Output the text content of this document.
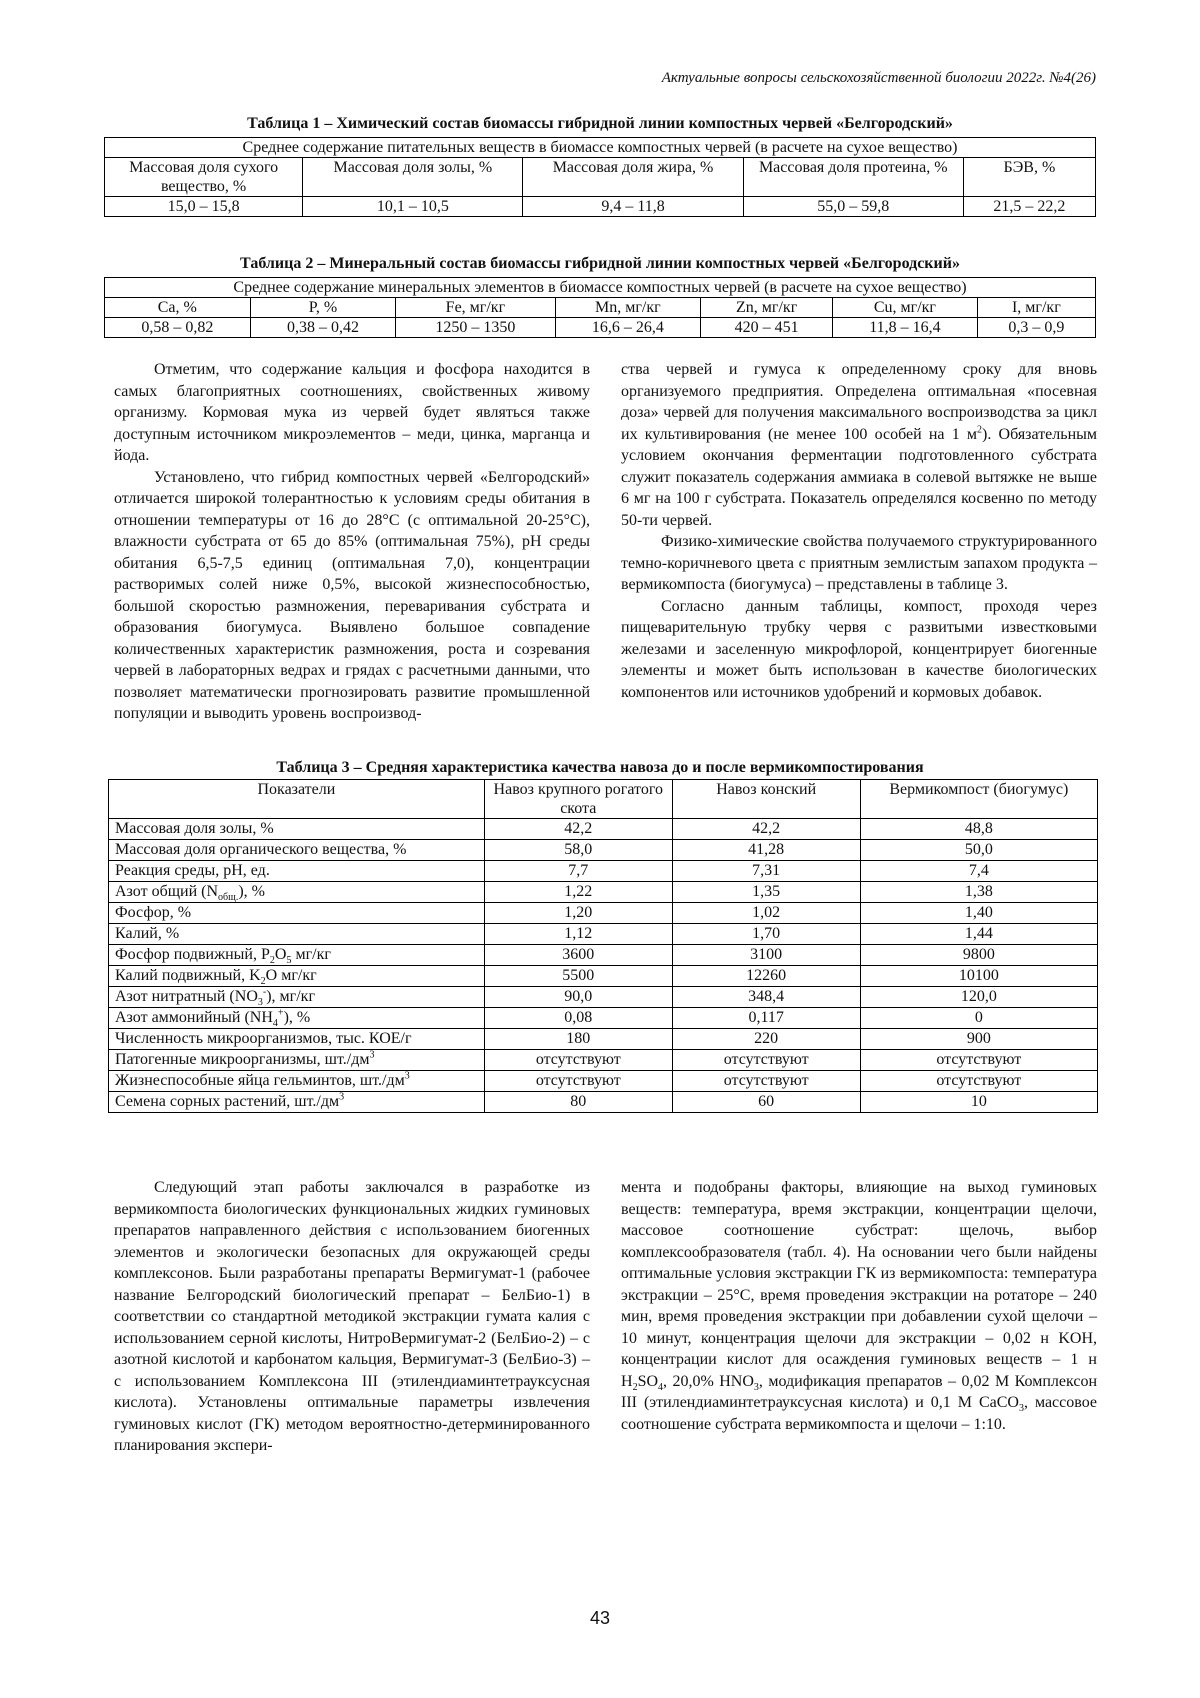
Актуальные вопросы сельскохозяйственной биологии 2022г. №4(26)
Таблица 1 – Химический состав биомассы гибридной линии компостных червей «Белгородский»
Среднее содержание питательных веществ в биомассе компостных червей (в расчете на сухое вещество)				
Массовая доля сухого вещество, %	Массовая доля золы, %	Массовая доля жира, %	Массовая доля протеина, %	БЭВ, %
15,0 – 15,8	10,1 – 10,5	9,4 – 11,8	55,0 – 59,8	21,5 – 22,2
Таблица 2 – Минеральный состав биомассы гибридной линии компостных червей «Белгородский»
Среднее содержание минеральных элементов в биомассе компостных червей (в расчете на сухое вещество)						
Ca, %	P, %	Fe, мг/кг	Mn, мг/кг	Zn, мг/кг	Cu, мг/кг	I, мг/кг
0,58 – 0,82	0,38 – 0,42	1250 – 1350	16,6 – 26,4	420 – 451	11,8 – 16,4	0,3 – 0,9

Отметим, что содержание кальция и фосфора находится в самых благоприятных соотношениях, свойственных живому организму. Кормовая мука из червей будет являться также доступным источником микроэлементов – меди, цинка, марганца и йода.

Установлено, что гибрид компостных червей «Белгородский» отличается широкой толерантностью к условиям среды обитания в отношении температуры от 16 до 28°С (с оптимальной 20-25°С), влажности субстрата от 65 до 85% (оптимальная 75%), рН среды обитания 6,5-7,5 единиц (оптимальная 7,0), концентрации растворимых солей ниже 0,5%, высокой жизнеспособностью, большой скоростью размножения, переваривания субстрата и образования биогумуса. Выявлено большое совпадение количественных характеристик размножения, роста и созревания червей в лабораторных ведрах и грядах с расчетными данными, что позволяет математически прогнозировать развитие промышленной популяции и выводить уровень воспроизвод-

ства червей и гумуса к определенному сроку для вновь организуемого предприятия. Определена оптимальная «посевная доза» червей для получения максимального воспроизводства за цикл их культивирования (не менее 100 особей на 1 $м^2$). Обязательным условием окончания ферментации подготовленного субстрата служит показатель содержания аммиака в солевой вытяжке не выше 6 мг на 100 г субстрата. Показатель определялся косвенно по методу 50-ти червей.

Физико-химические свойства получаемого структурированного темно-коричневого цвета с приятным землистым запахом продукта – вермикомпоста (биогумуса) – представлены в таблице 3.

Согласно данным таблицы, компост, проходя через пищеварительную трубку червя с развитыми известковыми железами и заселенную микрофлорой, концентрирует биогенные элементы и может быть использован в качестве биологических компонентов или источников удобрений и кормовых добавок.

Таблица 3 – Средняя характеристика качества навоза до и после вермикомпостирования
Показатели	Навоз крупного рогатого скота	Навоз конский	Вермикомпост (биогумус)
Массовая доля золы, %	42,2	42,2	48,8
Массовая доля органического вещества, %	58,0	41,28	50,0
Реакция среды, рН, ед.	7,7	7,31	7,4
Азот общий $(N_{общ.})$, %	1,22	1,35	1,38
Фосфор, %	1,20	1,02	1,40
Калий, %	1,12	1,70	1,44
Фосфор подвижный, $P_2O_5$ мг/кг	3600	3100	9800
Калий подвижный, $K_2O$ мг/кг	5500	12260	10100
Азот нитратный $(NO_3^-)$, мг/кг	90,0	348,4	120,0
Азот аммонийный $(NH_4^+)$, %	0,08	0,117	0
Численность микроорганизмов, тыс. КОЕ/г	180	220	900
Патогенные микроорганизмы, $шт./дм^3$	отсутствуют	отсутствуют	отсутствуют
Жизнеспособные яйца гельминтов, $шт./дм^3$	отсутствуют	отсутствуют	отсутствуют
Семена сорных растений, $шт./дм^3$	80	60	10

Следующий этап работы заключался в разработке из вермикомпоста биологических функциональных жидких гуминовых препаратов направленного действия с использованием биогенных элементов и экологически безопасных для окружающей среды комплексонов. Были разработаны препараты Вермигумат-1 (рабочее название Белгородский биологический препарат – БелБио-1) в соответствии со стандартной методикой экстракции гумата калия с использованием серной кислоты, НитроВермигумат-2 (БелБио-2) – с азотной кислотой и карбонатом кальция, Вермигумат-3 (БелБио-3) – с использованием Комплексона III (этилендиаминтетрауксусная кислота). Установлены оптимальные параметры извлечения гуминовых кислот (ГК) методом вероятностно-детерминированного планирования экспери-

мента и подобраны факторы, влияющие на выход гуминовых веществ: температура, время экстракции, концентрации щелочи, массовое соотношение субстрат: щелочь, выбор комплексообразователя (табл. 4). На основании чего были найдены оптимальные условия экстракции ГК из вермикомпоста: температура экстракции – 25°С, время проведения экстракции на ротаторе – 240 мин, время проведения экстракции при добавлении сухой щелочи – 10 минут, концентрация щелочи для экстракции – 0,02 н KOH, концентрации кислот для осаждения гуминовых веществ – 1 н $H_2SO_4$, 20,0% $HNO_3$, модификация препаратов – 0,02 М Комплексон III (этилендиаминтетрауксусная кислота) и 0,1 М CaCO$_3$, массовое соотношение субстрата вермикомпоста и щелочи – 1:10.

43
